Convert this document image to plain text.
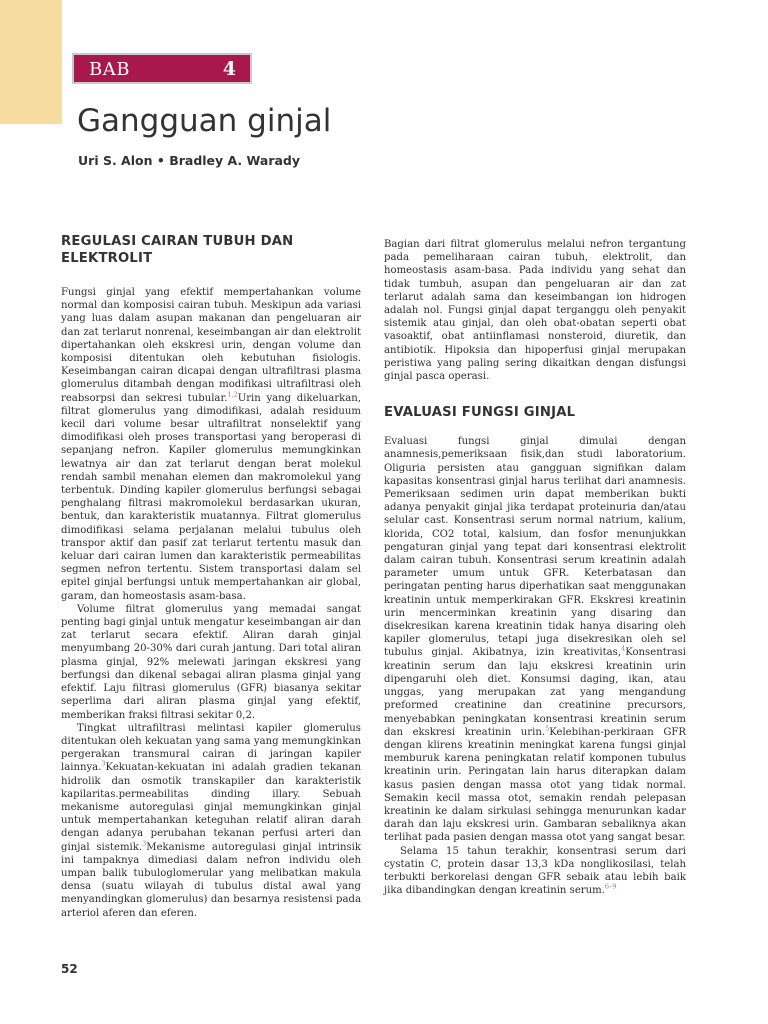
BAB	4
Gangguan ginjal

Uri S. Alon • Bradley A. Warady

REGULASI CAIRAN TUBUH DAN ELEKTROLIT

Fungsi ginjal yang efektif mempertahankan volume normal dan komposisi cairan tubuh. Meskipun ada variasi yang luas dalam asupan makanan dan pengeluaran air dan zat terlarut nonrenal, keseimbangan air dan elektrolit dipertahankan oleh ekskresi urin, dengan volume dan komposisi ditentukan oleh kebutuhan fisiologis. Keseimbangan cairan dicapai dengan ultrafiltrasi plasma glomerulus ditambah dengan modifikasi ultrafiltrasi oleh reabsorpsi dan sekresi tubular.$^{1,2}$Urin yang dikeluarkan, filtrat glomerulus yang dimodifikasi, adalah residuum kecil dari volume besar ultrafiltrat nonselektif yang dimodifikasi oleh proses transportasi yang beroperasi di sepanjang nefron. Kapiler glomerulus memungkinkan lewatnya air dan zat terlarut dengan berat molekul rendah sambil menahan elemen dan makromolekul yang terbentuk. Dinding kapiler glomerulus berfungsi sebagai penghalang filtrasi makromolekul berdasarkan ukuran, bentuk, dan karakteristik muatannya. Filtrat glomerulus dimodifikasi selama perjalanan melalui tubulus oleh transpor aktif dan pasif zat terlarut tertentu masuk dan keluar dari cairan lumen dan karakteristik permeabilitas segmen nefron tertentu. Sistem transportasi dalam sel epitel ginjal berfungsi untuk mempertahankan air global, garam, dan homeostasis asam-basa.

Volume filtrat glomerulus yang memadai sangat penting bagi ginjal untuk mengatur keseimbangan air dan zat terlarut secara efektif. Aliran darah ginjal menyumbang 20-30% dari curah jantung. Dari total aliran plasma ginjal, 92% melewati jaringan ekskresi yang berfungsi dan dikenal sebagai aliran plasma ginjal yang efektif. Laju filtrasi glomerulus (GFR) biasanya sekitar seperlima dari aliran plasma ginjal yang efektif, memberikan fraksi filtrasi sekitar 0,2.

Tingkat ultrafiltrasi melintasi kapiler glomerulus ditentukan oleh kekuatan yang sama yang memungkinkan pergerakan transmural cairan di jaringan kapiler lainnya.$^3$Kekuatan-kekuatan ini adalah gradien tekanan hidrolik dan osmotik transkapiler dan karakteristik kapilaritas.permeabilitas dinding illary. Sebuah mekanisme autoregulasi ginjal memungkinkan ginjal untuk mempertahankan keteguhan relatif aliran darah dengan adanya perubahan tekanan perfusi arteri dan ginjal sistemik.$^3$Mekanisme autoregulasi ginjal intrinsik ini tampaknya dimediasi dalam nefron individu oleh umpan balik tubuloglomerular yang melibatkan makula densa (suatu wilayah di tubulus distal awal yang menyandingkan glomerulus) dan besarnya resistensi pada arteriol aferen dan eferen.

Bagian dari filtrat glomerulus melalui nefron tergantung pada pemeliharaan cairan tubuh, elektrolit, dan homeostasis asam-basa. Pada individu yang sehat dan tidak tumbuh, asupan dan pengeluaran air dan zat terlarut adalah sama dan keseimbangan ion hidrogen adalah nol. Fungsi ginjal dapat terganggu oleh penyakit sistemik atau ginjal, dan oleh obat-obatan seperti obat vasoaktif, obat antiinflamasi nonsteroid, diuretik, dan antibiotik. Hipoksia dan hipoperfusi ginjal merupakan peristiwa yang paling sering dikaitkan dengan disfungsi ginjal pasca operasi.

EVALUASI FUNGSI GINJAL

Evaluasi fungsi ginjal dimulai dengan anamnesis,pemeriksaan fisik,dan studi laboratorium. Oliguria persisten atau gangguan signifikan dalam kapasitas konsentrasi ginjal harus terlihat dari anamnesis. Pemeriksaan sedimen urin dapat memberikan bukti adanya penyakit ginjal jika terdapat proteinuria dan/atau selular cast. Konsentrasi serum normal natrium, kalium, klorida, CO2 total, kalsium, dan fosfor menunjukkan pengaturan ginjal yang tepat dari konsentrasi elektrolit dalam cairan tubuh. Konsentrasi serum kreatinin adalah parameter umum untuk GFR. Keterbatasan dan peringatan penting harus diperhatikan saat menggunakan kreatinin untuk memperkirakan GFR. Ekskresi kreatinin urin mencerminkan kreatinin yang disaring dan disekresikan karena kreatinin tidak hanya disaring oleh kapiler glomerulus, tetapi juga disekresikan oleh sel tubulus ginjal. Akibatnya, izin kreativitas,$^4$Konsentrasi kreatinin serum dan laju ekskresi kreatinin urin dipengaruhi oleh diet. Konsumsi daging, ikan, atau unggas, yang merupakan zat yang mengandung preformed creatinine dan creatinine precursors, menyebabkan peningkatan konsentrasi kreatinin serum dan ekskresi kreatinin urin.$^5$Kelebihan-perkiraan GFR dengan klirens kreatinin meningkat karena fungsi ginjal memburuk karena peningkatan relatif komponen tubulus kreatinin urin. Peringatan lain harus diterapkan dalam kasus pasien dengan massa otot yang tidak normal. Semakin kecil massa otot, semakin rendah pelepasan kreatinin ke dalam sirkulasi sehingga menurunkan kadar darah dan laju ekskresi urin. Gambaran sebaliknya akan terlihat pada pasien dengan massa otot yang sangat besar.

Selama 15 tahun terakhir, konsentrasi serum dari cystatin C, protein dasar 13,3 kDa nonglikosilasi, telah terbukti berkorelasi dengan GFR sebaik atau lebih baik jika dibandingkan dengan kreatinin serum.$^{6-9}$

52
